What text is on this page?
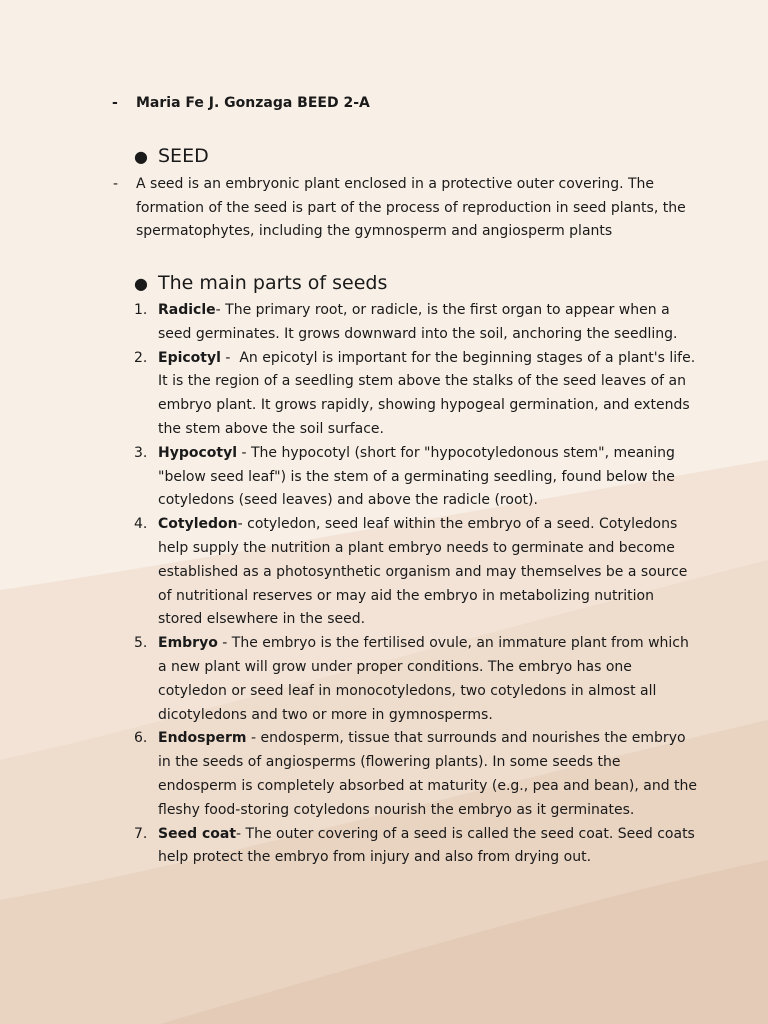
- Maria Fe J. Gonzaga BEED 2-A
● SEED
- A seed is an embryonic plant enclosed in a protective outer covering. The formation of the seed is part of the process of reproduction in seed plants, the spermatophytes, including the gymnosperm and angiosperm plants

● The main parts of seeds
1. Radicle- The primary root, or radicle, is the first organ to appear when a seed germinates. It grows downward into the soil, anchoring the seedling.
2. Epicotyl -  An epicotyl is important for the beginning stages of a plant's life. It is the region of a seedling stem above the stalks of the seed leaves of an embryo plant. It grows rapidly, showing hypogeal germination, and extends the stem above the soil surface.
3. Hypocotyl - The hypocotyl (short for "hypocotyledonous stem", meaning "below seed leaf") is the stem of a germinating seedling, found below the cotyledons (seed leaves) and above the radicle (root).
4. Cotyledon- cotyledon, seed leaf within the embryo of a seed. Cotyledons help supply the nutrition a plant embryo needs to germinate and become established as a photosynthetic organism and may themselves be a source of nutritional reserves or may aid the embryo in metabolizing nutrition stored elsewhere in the seed.
5. Embryo - The embryo is the fertilised ovule, an immature plant from which a new plant will grow under proper conditions. The embryo has one cotyledon or seed leaf in monocotyledons, two cotyledons in almost all dicotyledons and two or more in gymnosperms.
6. Endosperm - endosperm, tissue that surrounds and nourishes the embryo in the seeds of angiosperms (flowering plants). In some seeds the endosperm is completely absorbed at maturity (e.g., pea and bean), and the fleshy food-storing cotyledons nourish the embryo as it germinates.
7. Seed coat- The outer covering of a seed is called the seed coat. Seed coats help protect the embryo from injury and also from drying out.
